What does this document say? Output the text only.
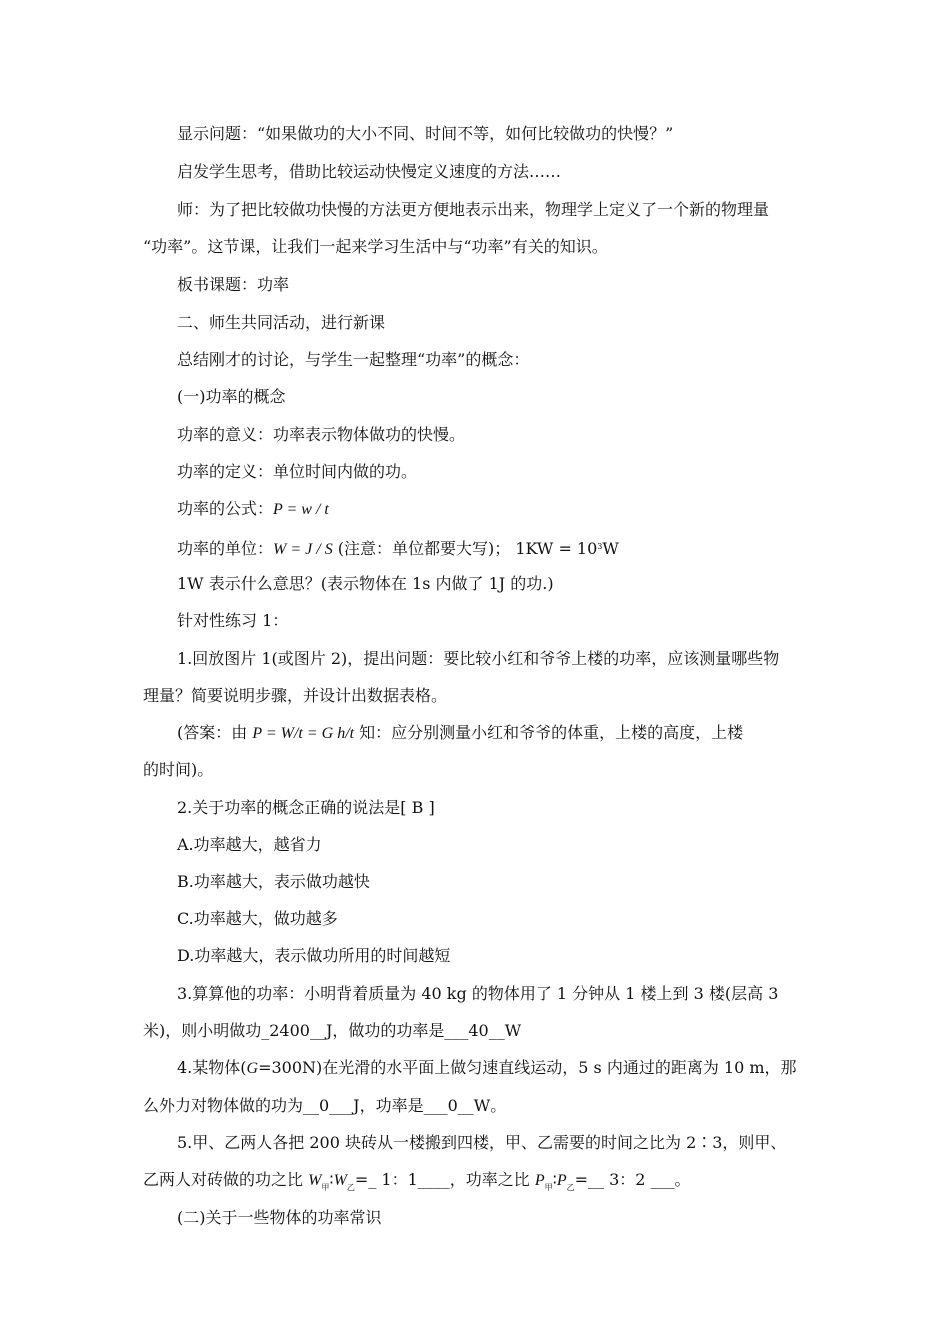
显示问题：“如果做功的大小不同、时间不等，如何比较做功的快慢？”
启发学生思考，借助比较运动快慢定义速度的方法……
师：为了把比较做功快慢的方法更方便地表示出来，物理学上定义了一个新的物理量
“功率”。这节课，让我们一起来学习生活中与“功率”有关的知识。
板书课题：功率
二、师生共同活动，进行新课
总结刚才的讨论，与学生一起整理“功率”的概念：
(一)功率的概念
功率的意义：功率表示物体做功的快慢。
功率的定义：单位时间内做的功。
功率的公式：P = w / t
功率的单位：W = J / S (注意：单位都要大写)； $1KW = 10^3W$
1W 表示什么意思？(表示物体在 1s 内做了 1J 的功.)
针对性练习 1：
1.回放图片 1(或图片 2)，提出问题：要比较小红和爷爷上楼的功率，应该测量哪些物
理量？简要说明步骤，并设计出数据表格。
(答案：由 P = W/t = G h/t 知：应分别测量小红和爷爷的体重，上楼的高度，上楼
的时间)。
2.关于功率的概念正确的说法是[ B ]
A.功率越大，越省力
B.功率越大，表示做功越快
C.功率越大，做功越多
D.功率越大，表示做功所用的时间越短
3.算算他的功率：小明背着质量为 40 kg 的物体用了 1 分钟从 1 楼上到 3 楼(层高 3
米)，则小明做功_2400__J，做功的功率是___40__W
4.某物体(G=300N)在光滑的水平面上做匀速直线运动，5 s 内通过的距离为 10 m，那
么外力对物体做的功为__0___J，功率是___0__W。
5.甲、乙两人各把 200 块砖从一楼搬到四楼，甲、乙需要的时间之比为 2∶3，则甲、
乙两人对砖做的功之比 $W_甲∶W_乙=\_$ 1：1____，功率之比 $P_甲∶P_乙=\_\_$ 3：2 ___。
(二)关于一些物体的功率常识
